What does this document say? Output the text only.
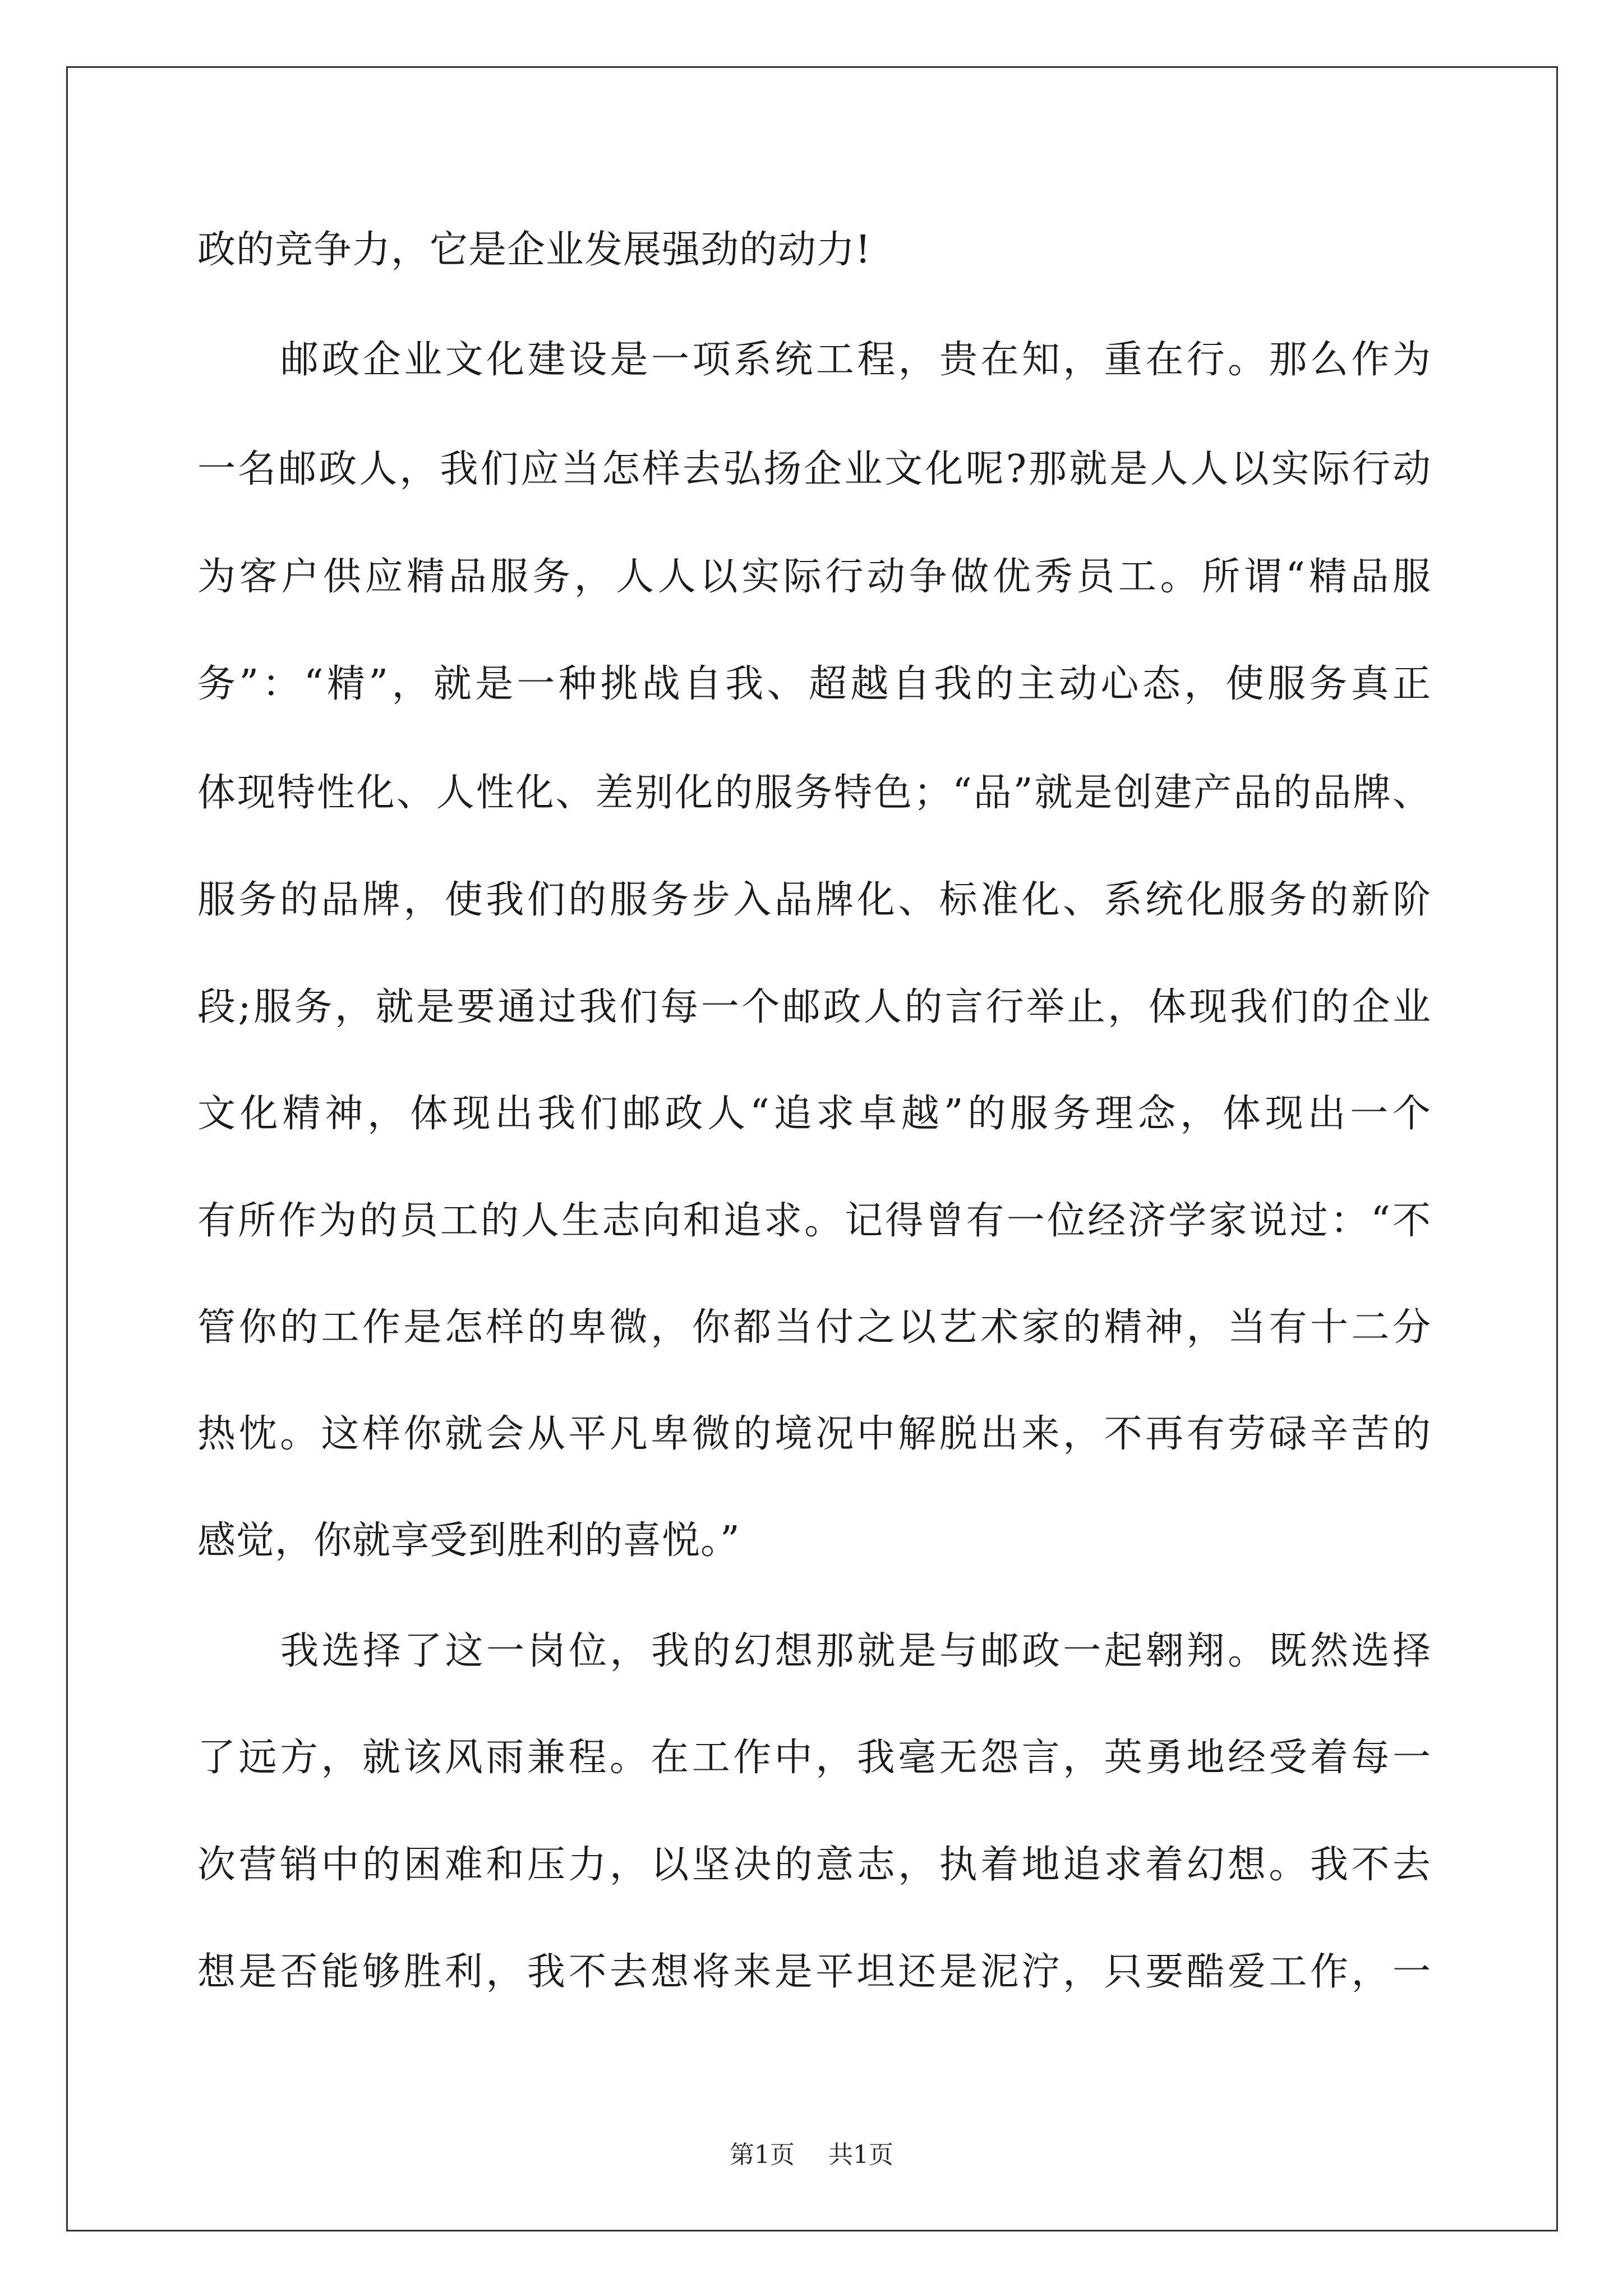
政的竞争力，它是企业发展强劲的动力!
邮政企业文化建设是一项系统工程，贵在知，重在行。那么作为
一名邮政人，我们应当怎样去弘扬企业文化呢?那就是人人以实际行动
为客户供应精品服务，人人以实际行动争做优秀员工。所谓“精品服
务”：“精”，就是一种挑战自我、超越自我的主动心态，使服务真正
体现特性化、人性化、差别化的服务特色；“品”就是创建产品的品牌、
服务的品牌，使我们的服务步入品牌化、标准化、系统化服务的新阶
段;服务，就是要通过我们每一个邮政人的言行举止，体现我们的企业
文化精神，体现出我们邮政人“追求卓越”的服务理念，体现出一个
有所作为的员工的人生志向和追求。记得曾有一位经济学家说过：“不
管你的工作是怎样的卑微，你都当付之以艺术家的精神，当有十二分
热忱。这样你就会从平凡卑微的境况中解脱出来，不再有劳碌辛苦的
感觉，你就享受到胜利的喜悦。”
我选择了这一岗位，我的幻想那就是与邮政一起翱翔。既然选择
了远方，就该风雨兼程。在工作中，我毫无怨言，英勇地经受着每一
次营销中的困难和压力，以坚决的意志，执着地追求着幻想。我不去
想是否能够胜利，我不去想将来是平坦还是泥泞，只要酷爱工作，一
第1页 共1页
